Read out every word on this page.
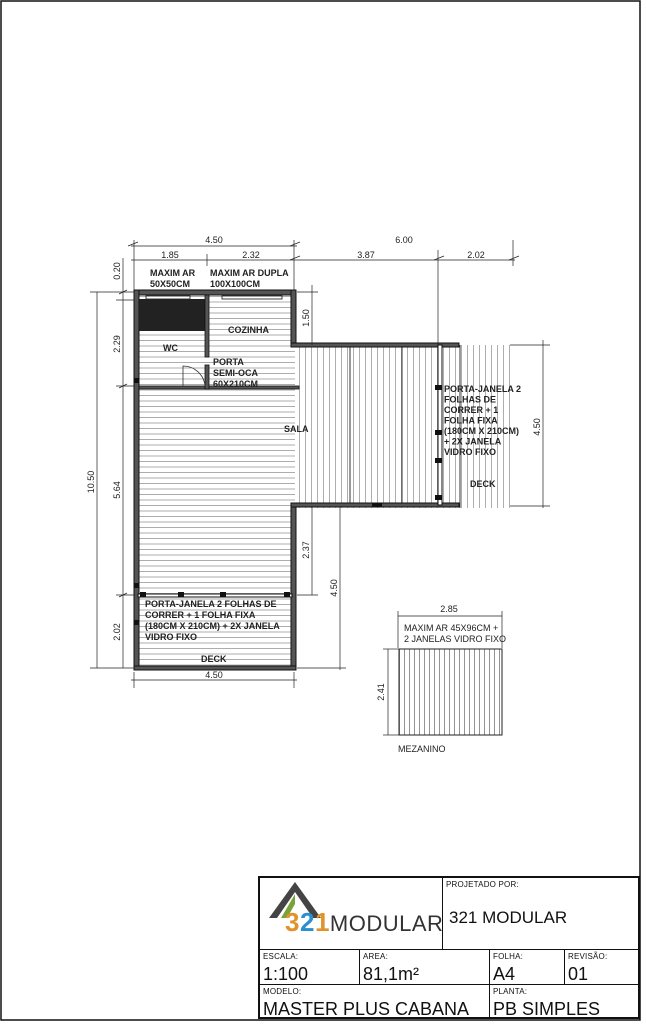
4.50
1.85	2.32
6.00
3.87	2.02
0.20
2.29
10.50 5.64
2.02
1.50
4.50
2.37
4.50
4.50
MAXIM AR 50X50CM
MAXIM AR DUPLA 100X100CM
COZINHA
WC
PORTA SEMI-OCA 60X210CM
SALA
PORTA-JANELA 2 FOLHAS DE CORRER + 1 FOLHA FIXA (180CM X 210CM) + 2X JANELA VIDRO FIXO
DECK
PORTA-JANELA 2 FOLHAS DE CORRER + 1 FOLHA FIXA (180CM X 210CM) + 2X JANELA VIDRO FIXO
DECK
2.85
MAXIM AR 45X96CM + 2 JANELAS VIDRO FIXO
2.41
MEZANINO
321MODULAR
PROJETADO POR:
321 MODULAR
ESCALA:
1:100
AREA:
81,1m²
FOLHA:
A4
REVISÃO:
01
MODELO:
MASTER PLUS CABANA
PLANTA:
PB SIMPLES
